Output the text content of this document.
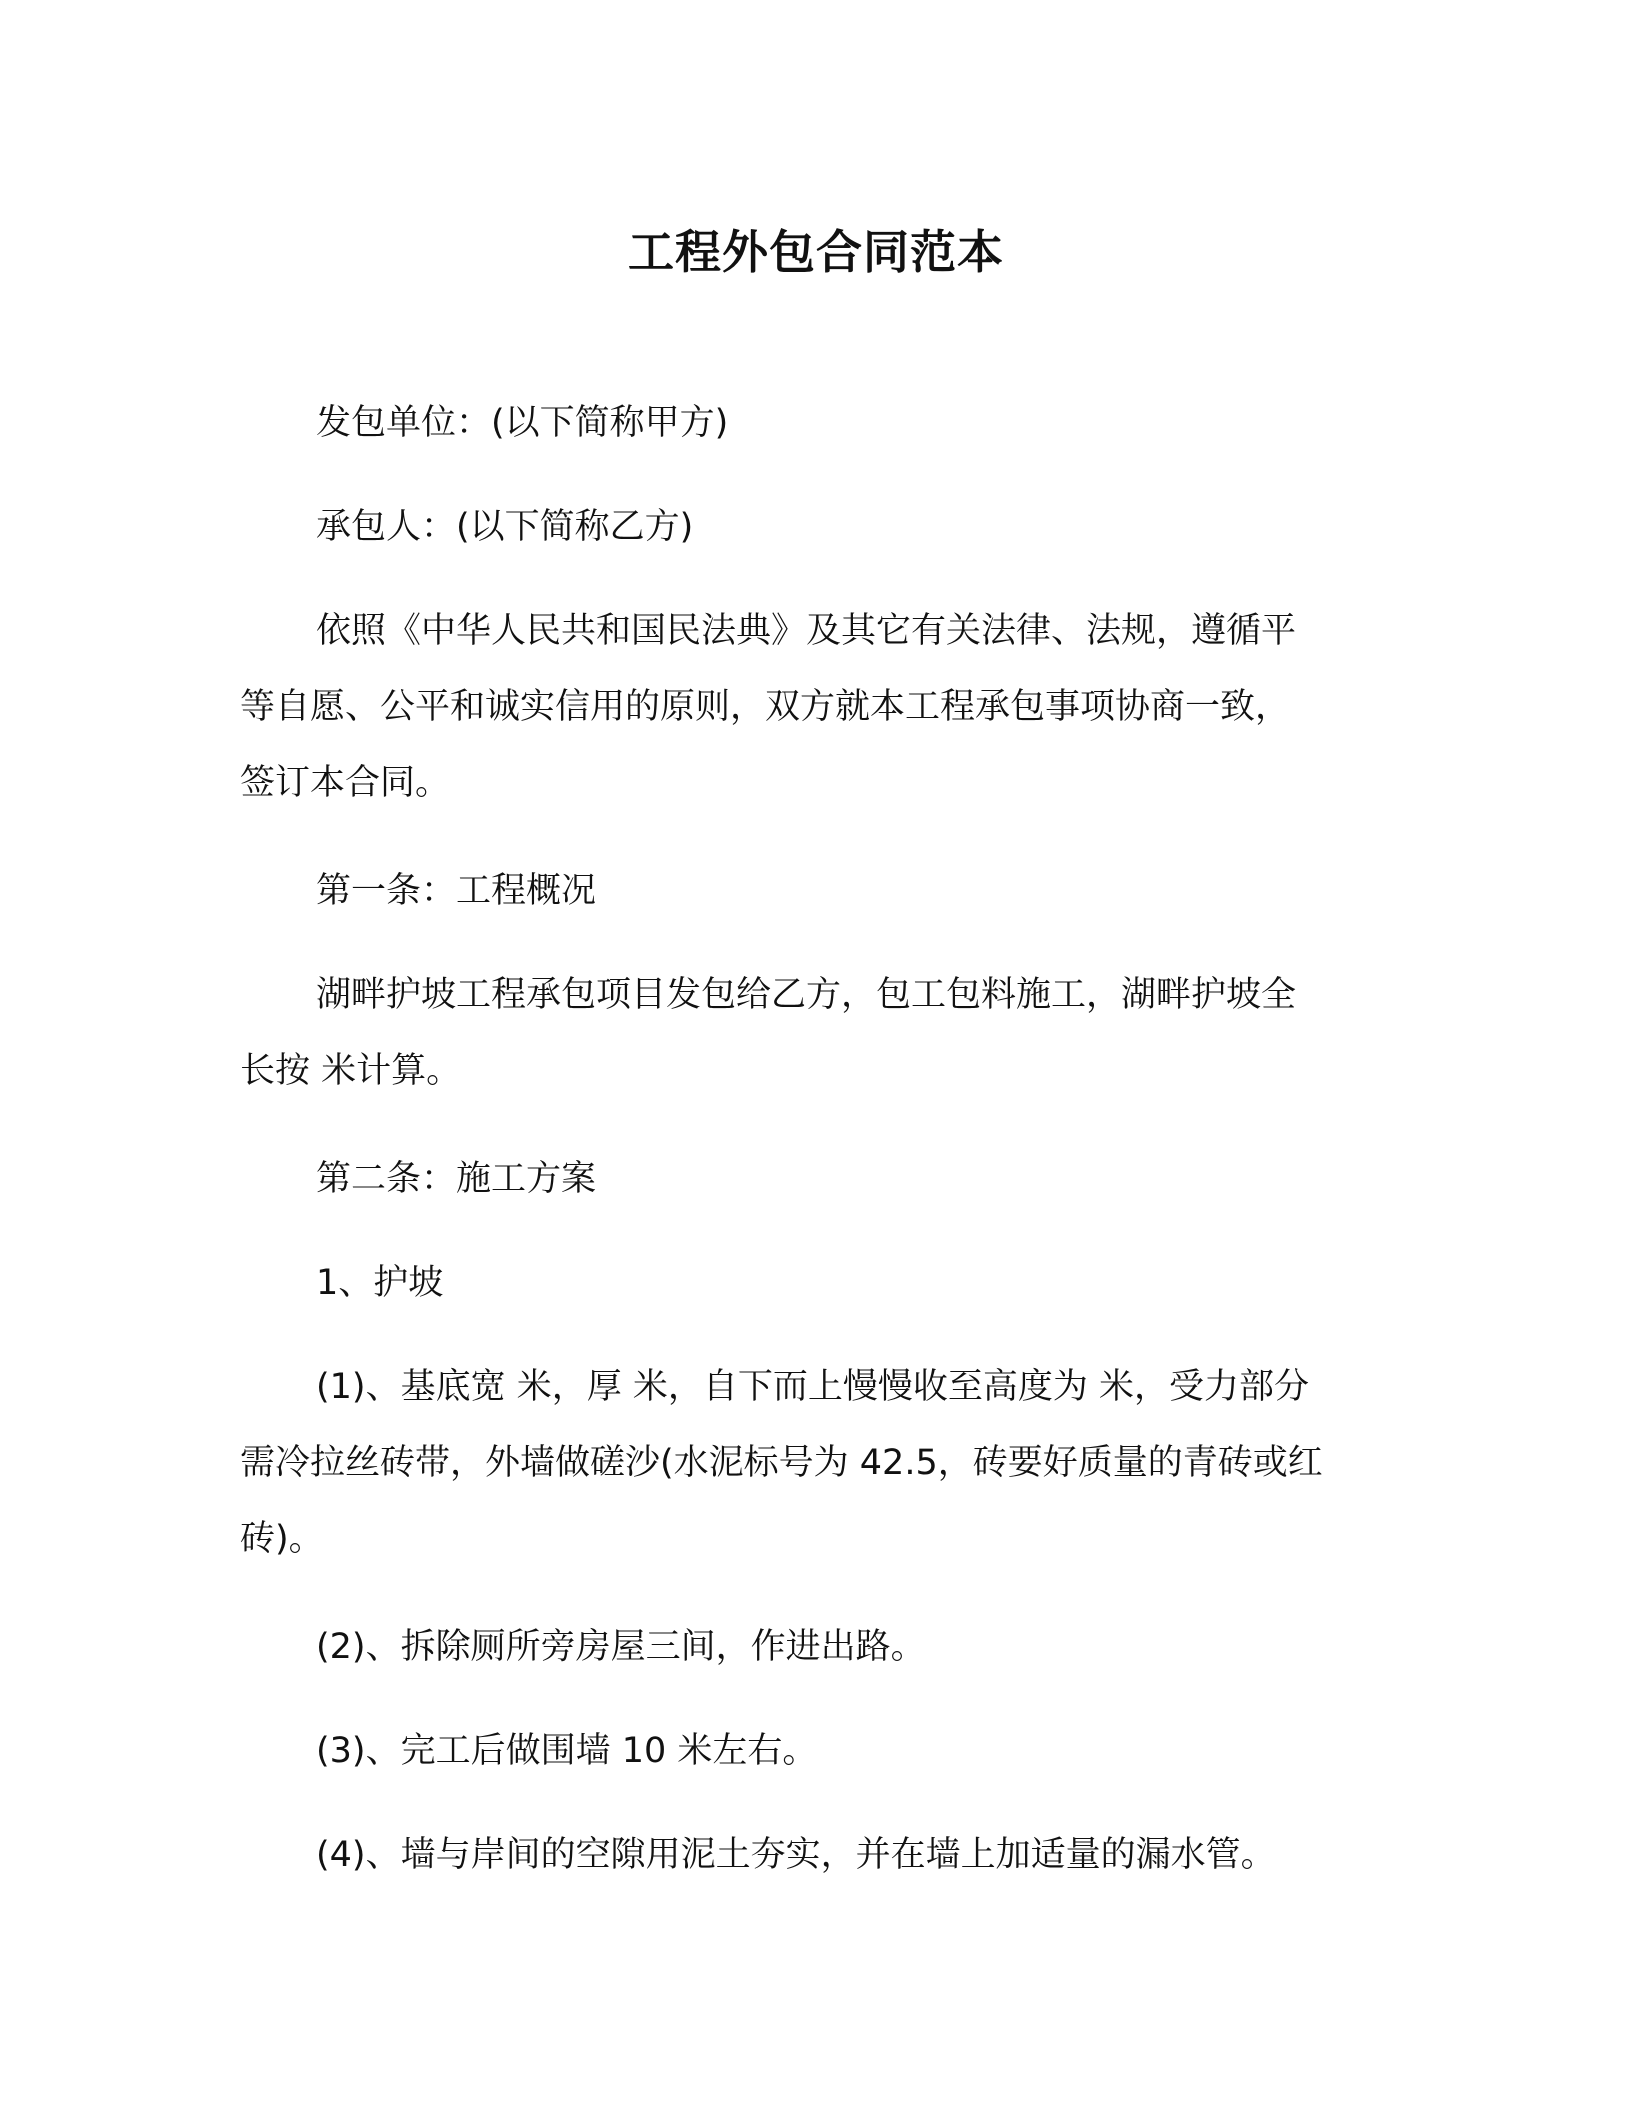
工程外包合同范本
发包单位：(以下简称甲方)
承包人：(以下简称乙方)
依照《中华人民共和国民法典》及其它有关法律、法规，遵循平
等自愿、公平和诚实信用的原则，双方就本工程承包事项协商一致，
签订本合同。
第一条：工程概况
湖畔护坡工程承包项目发包给乙方，包工包料施工，湖畔护坡全
长按 米计算。
第二条：施工方案
1、护坡
(1)、基底宽 米，厚 米，自下而上慢慢收至高度为 米，受力部分
需冷拉丝砖带，外墙做磋沙(水泥标号为 42.5，砖要好质量的青砖或红
砖)。
(2)、拆除厕所旁房屋三间，作进出路。
(3)、完工后做围墙 10 米左右。
(4)、墙与岸间的空隙用泥土夯实，并在墙上加适量的漏水管。
